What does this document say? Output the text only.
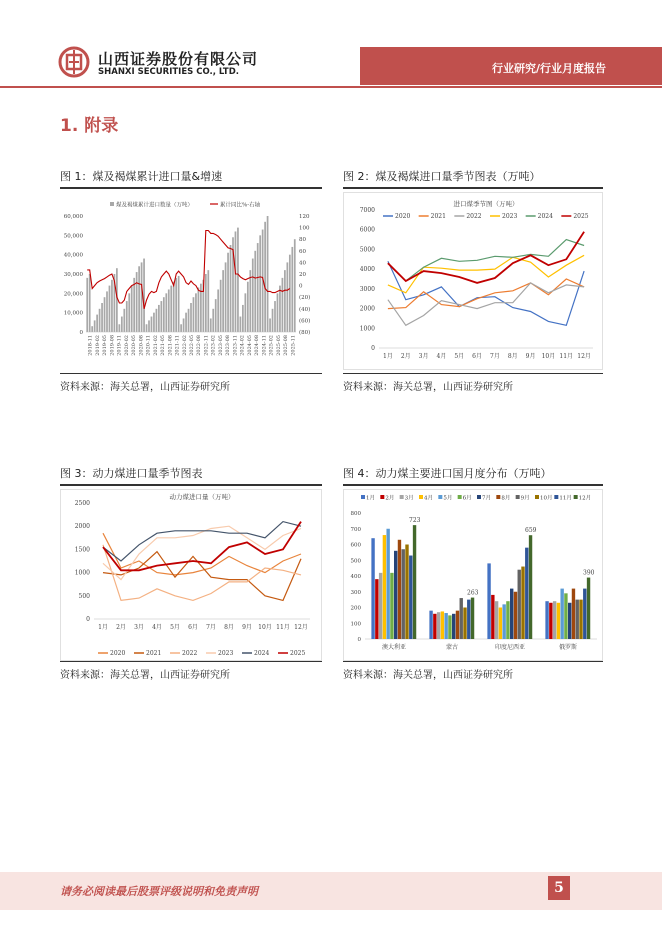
山西证券股份有限公司
SHANXI SECURITIES CO., LTD.	行业研究/行业月度报告
1. 附录
图 1：煤及褐煤累计进口量&增速
煤及褐煤累计进口数量（万吨）	累计同比%-右轴
0
10,000
20,000
30,000
40,000
50,000
60,000
(80)
(60)
(40)
(20)
0
20
40
60
80
100
120
2018-11 2019-02 2019-05 2019-08 2019-11 2020-02 2020-05 2020-08 2020-11 2021-02 2021-05 2021-08 2021-11 2022-02 2022-05 2022-08 2022-11 2023-02 2023-05 2023-08 2023-11 2024-02 2024-05 2024-08 2024-11 2025-02 2025-05 2025-08 2025-11
资料来源：海关总署，山西证券研究所
图 2：煤及褐煤进口量季节图表（万吨）
0
1000
2000
3000
4000
5000
6000
7000
1月 2月 3月 4月 5月 6月 7月 8月 9月 10月 11月 12月
进口煤季节图（万吨）
2020	2021	2022	2023	2024	2025
资料来源：海关总署，山西证券研究所
图 3：动力煤进口量季节图表
0
500
1000
1500
2000
2500
1月 2月 3月 4月 5月 6月 7月 8月 9月 10月 11月 12月
动力煤进口量（万吨）
2020	2021	2022	2023	2024	2025
资料来源：海关总署，山西证券研究所
图 4：动力煤主要进口国月度分布（万吨）
0
100
200
300
400
500
600
700
800
1月 2月 3月 4月 5月 6月 7月 8月 9月 10月 11月 12月
723
澳大利亚
263
蒙古
659
印度尼西亚
390
俄罗斯
资料来源：海关总署，山西证券研究所
请务必阅读最后股票评级说明和免责声明	5
